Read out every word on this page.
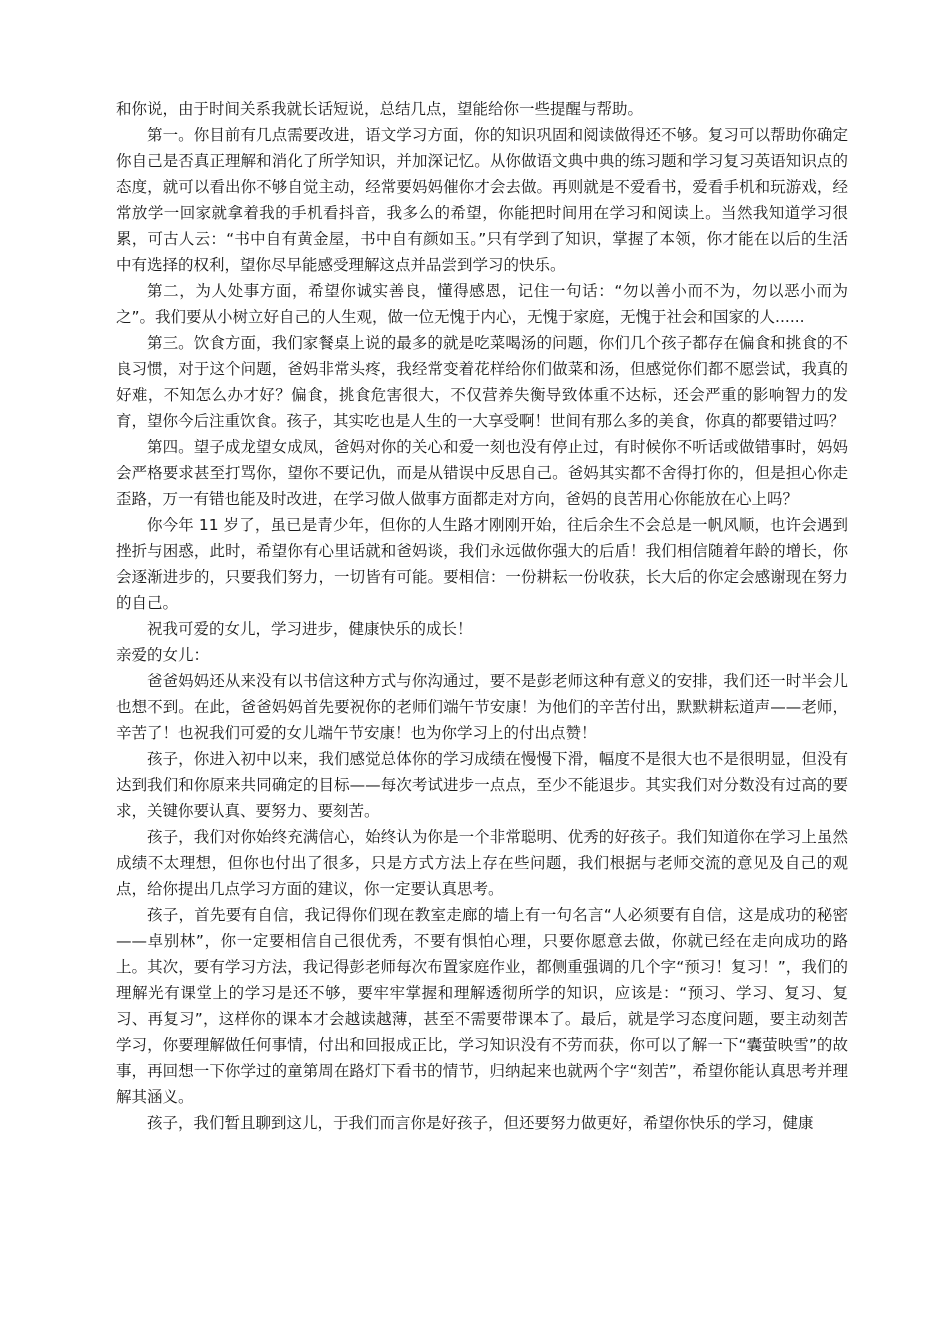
和你说，由于时间关系我就长话短说，总结几点，望能给你一些提醒与帮助。

第一。你目前有几点需要改进，语文学习方面，你的知识巩固和阅读做得还不够。复习可以帮助你确定你自己是否真正理解和消化了所学知识，并加深记忆。从你做语文典中典的练习题和学习复习英语知识点的态度，就可以看出你不够自觉主动，经常要妈妈催你才会去做。再则就是不爱看书，爱看手机和玩游戏，经常放学一回家就拿着我的手机看抖音，我多么的希望，你能把时间用在学习和阅读上。当然我知道学习很累，可古人云：“书中自有黄金屋，书中自有颜如玉。”只有学到了知识，掌握了本领，你才能在以后的生活中有选择的权利，望你尽早能感受理解这点并品尝到学习的快乐。

第二，为人处事方面，希望你诚实善良，懂得感恩，记住一句话：“勿以善小而不为，勿以恶小而为之”。我们要从小树立好自己的人生观，做一位无愧于内心，无愧于家庭，无愧于社会和国家的人......

第三。饮食方面，我们家餐桌上说的最多的就是吃菜喝汤的问题，你们几个孩子都存在偏食和挑食的不良习惯，对于这个问题，爸妈非常头疼，我经常变着花样给你们做菜和汤，但感觉你们都不愿尝试，我真的好难，不知怎么办才好？偏食，挑食危害很大，不仅营养失衡导致体重不达标，还会严重的影响智力的发育，望你今后注重饮食。孩子，其实吃也是人生的一大享受啊！世间有那么多的美食，你真的都要错过吗？

第四。望子成龙望女成凤，爸妈对你的关心和爱一刻也没有停止过，有时候你不听话或做错事时，妈妈会严格要求甚至打骂你，望你不要记仇，而是从错误中反思自己。爸妈其实都不舍得打你的，但是担心你走歪路，万一有错也能及时改进，在学习做人做事方面都走对方向，爸妈的良苦用心你能放在心上吗？

你今年 11 岁了，虽已是青少年，但你的人生路才刚刚开始，往后余生不会总是一帆风顺，也许会遇到挫折与困惑，此时，希望你有心里话就和爸妈谈，我们永远做你强大的后盾！我们相信随着年龄的增长，你会逐渐进步的，只要我们努力，一切皆有可能。要相信：一份耕耘一份收获，长大后的你定会感谢现在努力的自己。

祝我可爱的女儿，学习进步，健康快乐的成长！

亲爱的女儿：

爸爸妈妈还从来没有以书信这种方式与你沟通过，要不是彭老师这种有意义的安排，我们还一时半会儿也想不到。在此，爸爸妈妈首先要祝你的老师们端午节安康！为他们的辛苦付出，默默耕耘道声——老师，辛苦了！也祝我们可爱的女儿端午节安康！也为你学习上的付出点赞！

孩子，你进入初中以来，我们感觉总体你的学习成绩在慢慢下滑，幅度不是很大也不是很明显，但没有达到我们和你原来共同确定的目标——每次考试进步一点点，至少不能退步。其实我们对分数没有过高的要求，关键你要认真、要努力、要刻苦。

孩子，我们对你始终充满信心，始终认为你是一个非常聪明、优秀的好孩子。我们知道你在学习上虽然成绩不太理想，但你也付出了很多，只是方式方法上存在些问题，我们根据与老师交流的意见及自己的观点，给你提出几点学习方面的建议，你一定要认真思考。

孩子，首先要有自信，我记得你们现在教室走廊的墙上有一句名言“人必须要有自信，这是成功的秘密——卓别林”，你一定要相信自己很优秀，不要有惧怕心理，只要你愿意去做，你就已经在走向成功的路上。其次，要有学习方法，我记得彭老师每次布置家庭作业，都侧重强调的几个字“预习！复习！”，我们的理解光有课堂上的学习是还不够，要牢牢掌握和理解透彻所学的知识，应该是：“预习、学习、复习、复习、再复习”，这样你的课本才会越读越薄，甚至不需要带课本了。最后，就是学习态度问题，要主动刻苦学习，你要理解做任何事情，付出和回报成正比，学习知识没有不劳而获，你可以了解一下“囊萤映雪”的故事，再回想一下你学过的童第周在路灯下看书的情节，归纳起来也就两个字“刻苦”，希望你能认真思考并理解其涵义。

孩子，我们暂且聊到这儿，于我们而言你是好孩子，但还要努力做更好，希望你快乐的学习，健康
